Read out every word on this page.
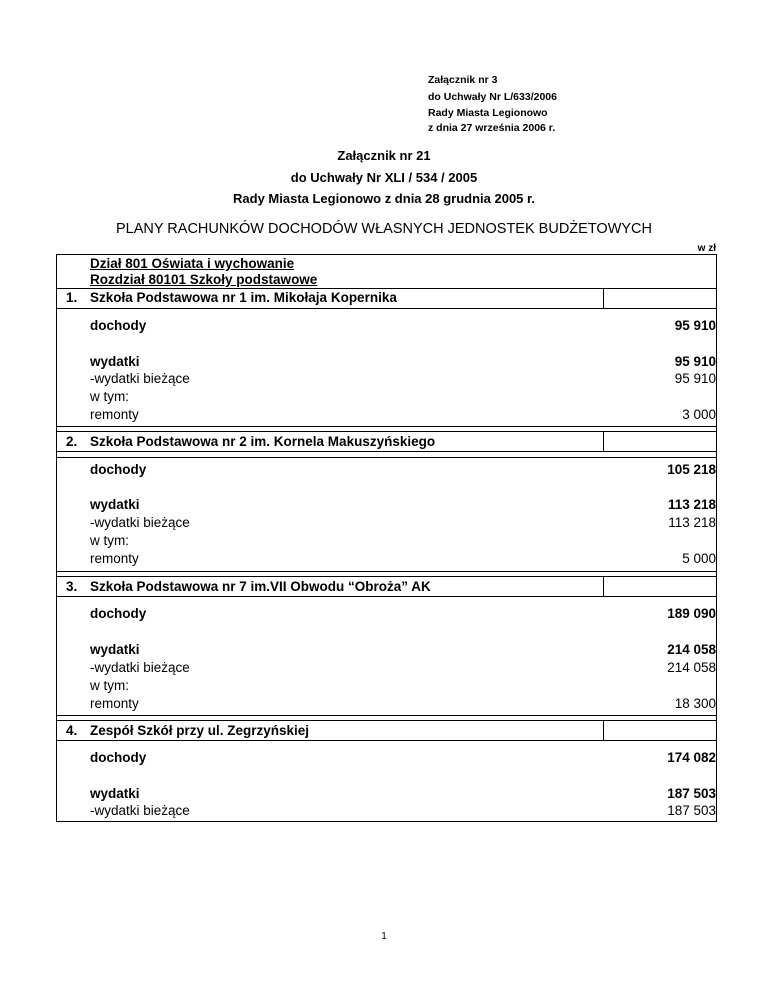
Załącznik nr 3
do Uchwały Nr L/633/2006
Rady Miasta Legionowo
z dnia 27 września 2006 r.
Załącznik nr 21
do Uchwały Nr XLI / 534 / 2005
Rady Miasta Legionowo z dnia 28 grudnia 2005 r.
PLANY RACHUNKÓW DOCHODÓW WŁASNYCH JEDNOSTEK BUDŻETOWYCH
w zł
Dział 801 Oświata i wychowanie
Rozdział 80101 Szkoły podstawowe
1. Szkoła Podstawowa nr 1 im. Mikołaja Kopernika
dochody	95 910
wydatki	95 910
-wydatki bieżące	95 910
w tym:
remonty	3 000
2. Szkoła Podstawowa nr 2 im. Kornela Makuszyńskiego
dochody	105 218
wydatki	113 218
-wydatki bieżące	113 218
w tym:
remonty	5 000
3. Szkoła Podstawowa nr 7 im.VII Obwodu “Obroża” AK
dochody	189 090
wydatki	214 058
-wydatki bieżące	214 058
w tym:
remonty	18 300
4. Zespół Szkół przy ul. Zegrzyńskiej
dochody	174 082
wydatki	187 503
-wydatki bieżące	187 503
1
